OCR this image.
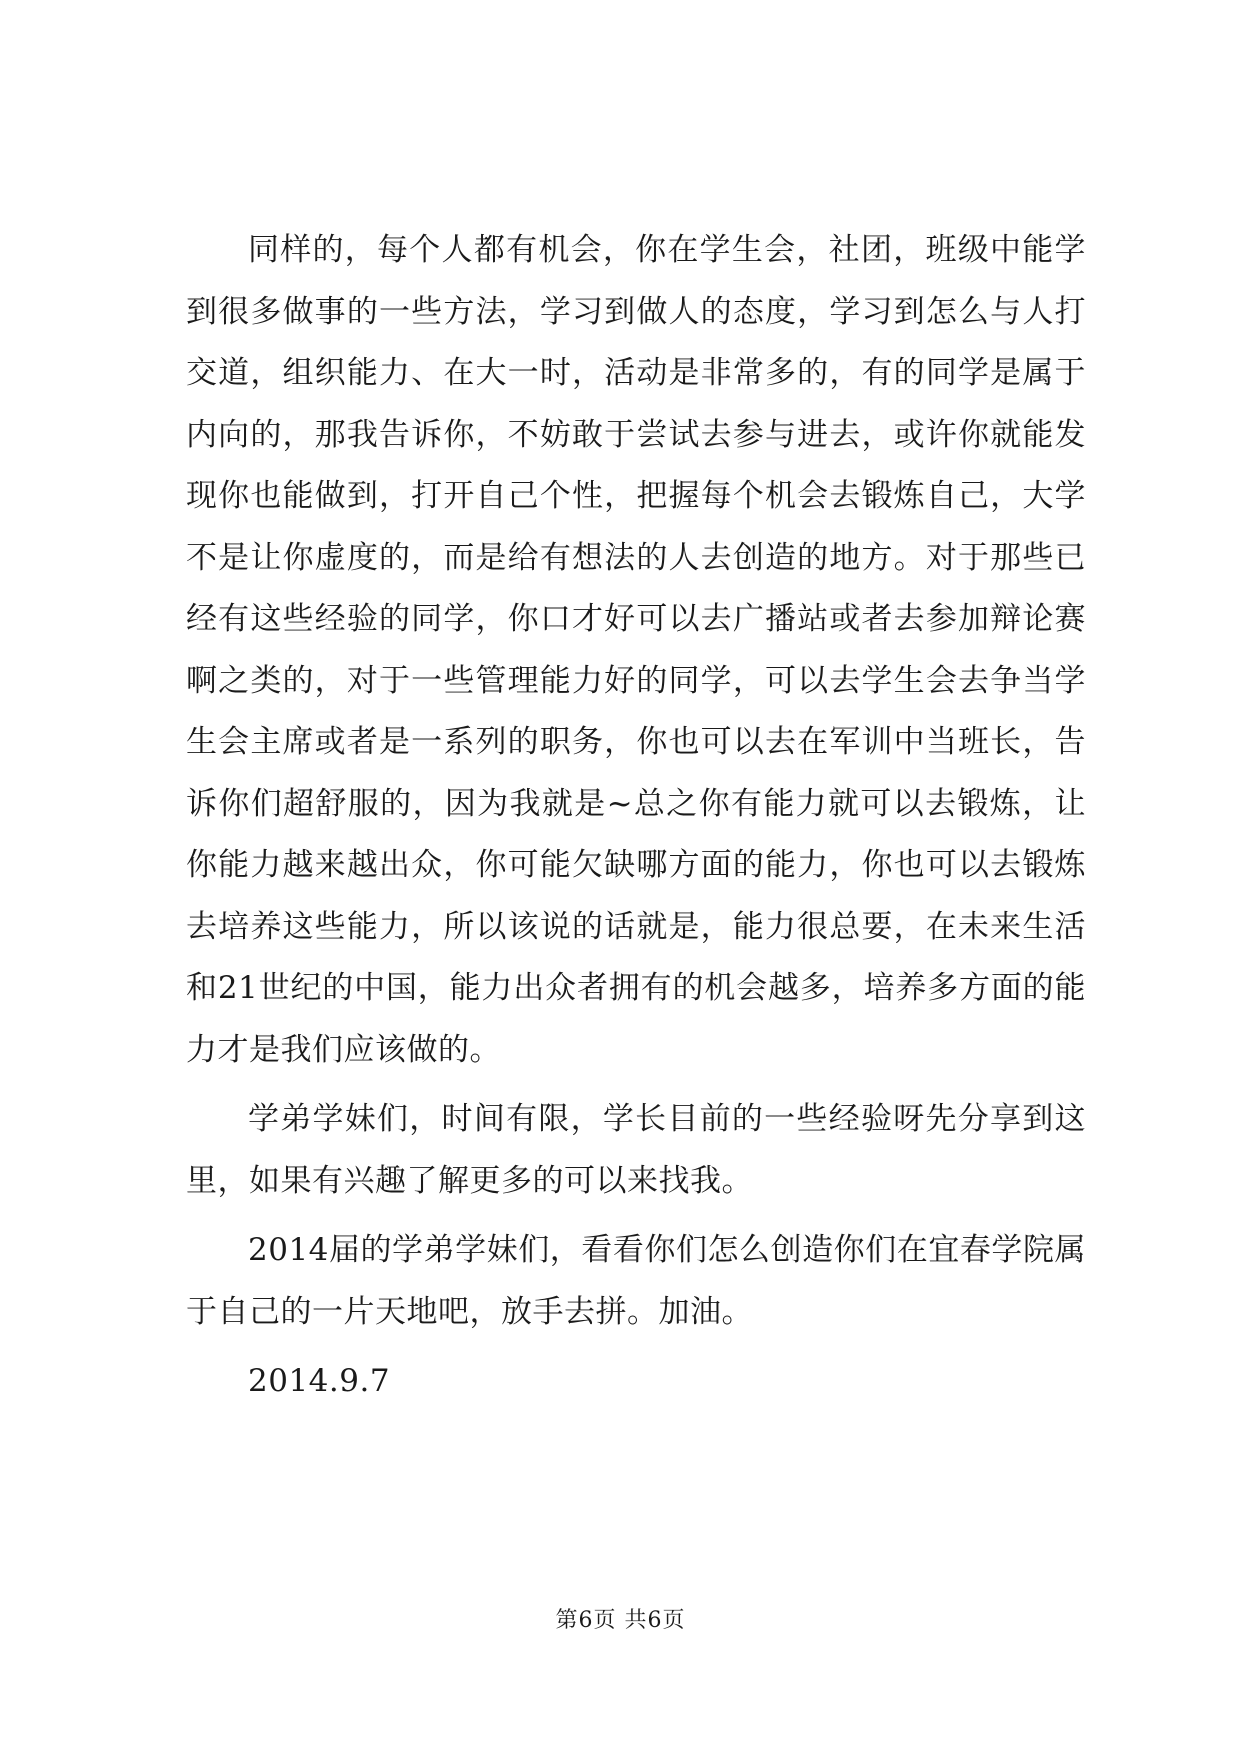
同样的，每个人都有机会，你在学生会，社团，班级中能学到很多做事的一些方法，学习到做人的态度，学习到怎么与人打交道，组织能力、在大一时，活动是非常多的，有的同学是属于内向的，那我告诉你，不妨敢于尝试去参与进去，或许你就能发现你也能做到，打开自己个性，把握每个机会去锻炼自己，大学不是让你虚度的，而是给有想法的人去创造的地方。对于那些已经有这些经验的同学，你口才好可以去广播站或者去参加辩论赛啊之类的，对于一些管理能力好的同学，可以去学生会去争当学生会主席或者是一系列的职务，你也可以去在军训中当班长，告诉你们超舒服的，因为我就是~总之你有能力就可以去锻炼，让你能力越来越出众，你可能欠缺哪方面的能力，你也可以去锻炼去培养这些能力，所以该说的话就是，能力很总要，在未来生活和21世纪的中国，能力出众者拥有的机会越多，培养多方面的能力才是我们应该做的。

学弟学妹们，时间有限，学长目前的一些经验呀先分享到这里，如果有兴趣了解更多的可以来找我。

2014届的学弟学妹们，看看你们怎么创造你们在宜春学院属于自己的一片天地吧，放手去拼。加油。

2014.9.7

第6页 共6页
